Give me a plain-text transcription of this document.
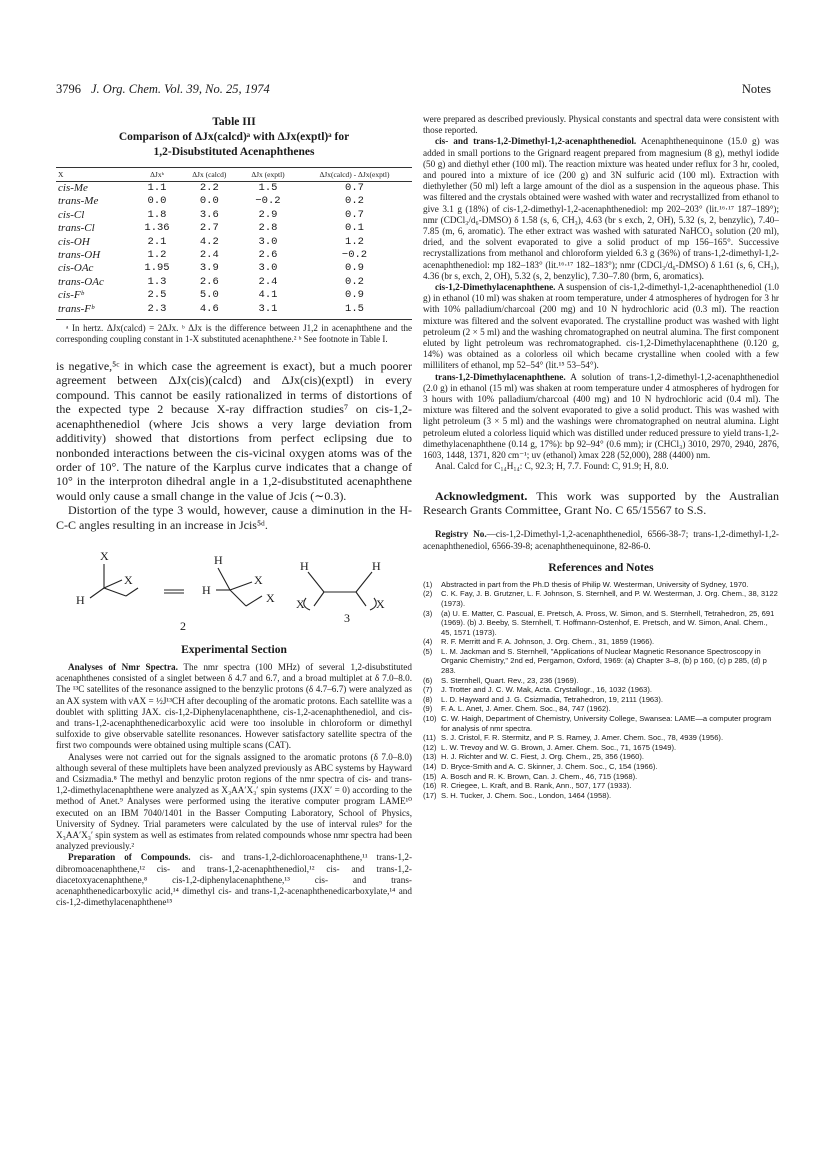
3796 J. Org. Chem. Vol. 39, No. 25, 1974	Notes
Table III
Comparison of ΔJx(calcd)ᵃ with ΔJx(exptl)ᵃ for
1,2-Disubstituted Acenaphthenes
X	ΔJxᵇ	ΔJx (calcd)	ΔJx (exptl)	ΔJx(calcd) - ΔJx(exptl)
cis-Me	1.1	2.2	1.5	0.7
trans-Me	0.0	0.0	−0.2	0.2
cis-Cl	1.8	3.6	2.9	0.7
trans-Cl	1.36	2.7	2.8	0.1
cis-OH	2.1	4.2	3.0	1.2
trans-OH	1.2	2.4	2.6	−0.2
cis-OAc	1.95	3.9	3.0	0.9
trans-OAc	1.3	2.6	2.4	0.2
cis-Fᵇ	2.5	5.0	4.1	0.9
trans-Fᵇ	2.3	4.6	3.1	1.5
ᵃ In hertz. ΔJx(calcd) = 2ΔJx. ᵇ ΔJx is the difference between J1,2 in acenaphthene and the corresponding coupling constant in 1-X substituted acenaphthene.² ᵇ See footnote in Table I.

is negative,⁵ᶜ in which case the agreement is exact), but a much poorer agreement between ΔJx(cis)(calcd) and ΔJx(cis)(exptl) in every compound. This cannot be easily rationalized in terms of distortions of the expected type 2 because X-ray diffraction studies⁷ on cis-1,2-acenaphthenediol (where Jcis shows a very large deviation from additivity) showed that distortions from perfect eclipsing due to nonbonded interactions between the cis-vicinal oxygen atoms was of the order of 10°. The nature of the Karplus curve indicates that a change of 10° in the interproton dihedral angle in a 1,2-disubstituted acenaphthene would only cause a small change in the value of Jcis (∼0.3).

Distortion of the type 3 would, however, cause a diminution in the H-C-C angles resulting in an increase in Jcis⁵ᵈ.

X
H
X
H
H
X
X
H	H
X	X
2
3
Experimental Section

Analyses of Nmr Spectra. The nmr spectra (100 MHz) of several 1,2-disubstituted acenaphthenes consisted of a singlet between δ 4.7 and 6.7, and a broad multiplet at δ 7.0–8.0. The ¹³C satellites of the resonance assigned to the benzylic protons (δ 4.7–6.7) were analyzed as an AX system with νAX = ½J¹³CH after decoupling of the aromatic protons. Each satellite was a doublet with splitting JAX. cis-1,2-Diphenylacenaphthene, cis-1,2-acenaphthenediol, and cis- and trans-1,2-acenaphthenedicarboxylic acid were too insoluble in chloroform or dimethyl sulfoxide to give observable satellite resonances. However satisfactory satellite spectra of the first two compounds were obtained using multiple scans (CAT).

Analyses were not carried out for the signals assigned to the aromatic protons (δ 7.0–8.0) although several of these multiplets have been analyzed previously as ABC systems by Hayward and Csizmadia.⁸ The methyl and benzylic proton regions of the nmr spectra of cis- and trans-1,2-dimethylacenaphthene were analyzed as X₃AA′X₃′ spin systems (JXX′ = 0) according to the method of Anet.⁹ Analyses were performed using the iterative computer program LAME¹⁰ executed on an IBM 7040/1401 in the Basser Computing Laboratory, School of Physics, University of Sydney. Trial parameters were calculated by the use of interval rules⁹ for the X₃AA′X₃′ spin system as well as estimates from related compounds whose nmr spectra had been analyzed previously.²

Preparation of Compounds. cis- and trans-1,2-dichloroacenaphthene,¹¹ trans-1,2-dibromoacenaphthene,¹² cis- and trans-1,2-acenaphthenediol,¹² cis- and trans-1,2-diacetoxyacenaphthene,⁸ cis-1,2-diphenylacenaphthene,¹³ cis- and trans-acenaphthenedicarboxylic acid,¹⁴ dimethyl cis- and trans-1,2-acenaphthenedicarboxylate,¹⁴ and cis-1,2-dimethylacenaphthene¹⁵

were prepared as described previously. Physical constants and spectral data were consistent with those reported.

cis- and trans-1,2-Dimethyl-1,2-acenaphthenediol. Acenaphthenequinone (15.0 g) was added in small portions to the Grignard reagent prepared from magnesium (8 g), methyl iodide (50 g) and diethyl ether (100 ml). The reaction mixture was heated under reflux for 3 hr, cooled, and poured into a mixture of ice (200 g) and 3N sulfuric acid (100 ml). Extraction with diethylether (50 ml) left a large amount of the diol as a suspension in the aqueous phase. This was filtered and the crystals obtained were washed with water and recrystallized from ethanol to give 3.1 g (18%) of cis-1,2-dimethyl-1,2-acenaphthenediol: mp 202–203° (lit.¹⁶·¹⁷ 187–189°); nmr (CDCl₃/d₆-DMSO) δ 1.58 (s, 6, CH₃), 4.63 (br s exch, 2, OH), 5.32 (s, 2, benzylic), 7.40–7.85 (m, 6, aromatic). The ether extract was washed with saturated NaHCO₃ solution (20 ml), dried, and the solvent evaporated to give a solid product of mp 156–165°. Successive recrystallizations from methanol and chloroform yielded 6.3 g (36%) of trans-1,2-dimethyl-1,2-acenaphthenediol: mp 182–183° (lit.¹⁶·¹⁷ 182–183°); nmr (CDCl₃/d₆-DMSO) δ 1.61 (s, 6, CH₃), 4.36 (br s, exch, 2, OH), 5.32 (s, 2, benzylic), 7.30–7.80 (brm, 6, aromatics).

cis-1,2-Dimethylacenaphthene. A suspension of cis-1,2-dimethyl-1,2-acenaphthenediol (1.0 g) in ethanol (10 ml) was shaken at room temperature, under 4 atmospheres of hydrogen for 3 hr with 10% palladium/charcoal (200 mg) and 10 N hydrochloric acid (0.3 ml). The reaction mixture was filtered and the solvent evaporated. The crystalline product was washed with light petroleum (2 × 5 ml) and the washing chromatographed on neutral alumina. The first component eluted by light petroleum was rechromatographed. cis-1,2-Dimethylacenaphthene (0.120 g, 14%) was obtained as a colorless oil which became crystalline when cooled with a few milliliters of ethanol, mp 52–54° (lit.¹⁵ 53–54°).

trans-1,2-Dimethylacenaphthene. A solution of trans-1,2-dimethyl-1,2-acenaphthenediol (2.0 g) in ethanol (15 ml) was shaken at room temperature under 4 atmospheres of hydrogen for 3 hours with 10% palladium/charcoal (400 mg) and 10 N hydrochloric acid (0.4 ml). The mixture was filtered and the solvent evaporated to give a solid product. This was washed with light petroleum (3 × 5 ml) and the washings were chromatographed on neutral alumina. Light petroleum eluted a colorless liquid which was distilled under reduced pressure to yield trans-1,2-dimethylacenaphthene (0.14 g, 17%): bp 92–94° (0.6 mm); ir (CHCl₃) 3010, 2970, 2940, 2876, 1603, 1448, 1371, 820 cm⁻¹; uv (ethanol) λmax 228 (52,000), 288 (4400) nm.

Anal. Calcd for C₁₄H₁₄: C, 92.3; H, 7.7. Found: C, 91.9; H, 8.0.

Acknowledgment. This work was supported by the Australian Research Grants Committee, Grant No. C 65/15567 to S.S.

Registry No.—cis-1,2-Dimethyl-1,2-acenaphthenediol, 6566-38-7; trans-1,2-dimethyl-1,2-acenaphthenediol, 6566-39-8; acenaphthenequinone, 82-86-0.

References and Notes
(1) Abstracted in part from the Ph.D thesis of Philip W. Westerman, University of Sydney, 1970.
(2) C. K. Fay, J. B. Grutzner, L. F. Johnson, S. Sternhell, and P. W. Westerman, J. Org. Chem., 38, 3122 (1973).
(3) (a) U. E. Matter, C. Pascual, E. Pretsch, A. Pross, W. Simon, and S. Sternhell, Tetrahedron, 25, 691 (1969). (b) J. Beeby, S. Sternhell, T. Hoffmann-Ostenhof, E. Pretsch, and W. Simon, Anal. Chem., 45, 1571 (1973).
(4) R. F. Merritt and F. A. Johnson, J. Org. Chem., 31, 1859 (1966).
(5) L. M. Jackman and S. Sternhell, "Applications of Nuclear Magnetic Resonance Spectroscopy in Organic Chemistry," 2nd ed, Pergamon, Oxford, 1969: (a) Chapter 3–8, (b) p 160, (c) p 285, (d) p 283.
(6) S. Sternhell, Quart. Rev., 23, 236 (1969).
(7) J. Trotter and J. C. W. Mak, Acta. Crystallogr., 16, 1032 (1963).
(8) L. D. Hayward and J. G. Csizmadia, Tetrahedron, 19, 2111 (1963).
(9) F. A. L. Anet, J. Amer. Chem. Soc., 84, 747 (1962).
(10) C. W. Haigh, Department of Chemistry, University College, Swansea: LAME—a computer program for analysis of nmr spectra.
(11) S. J. Cristol, F. R. Stermitz, and P. S. Ramey, J. Amer. Chem. Soc., 78, 4939 (1956).
(12) L. W. Trevoy and W. G. Brown, J. Amer. Chem. Soc., 71, 1675 (1949).
(13) H. J. Richter and W. C. Fiest, J. Org. Chem., 25, 356 (1960).
(14) D. Bryce-Smith and A. C. Skinner, J. Chem. Soc., C, 154 (1966).
(15) A. Bosch and R. K. Brown, Can. J. Chem., 46, 715 (1968).
(16) R. Criegee, L. Kraft, and B. Rank, Ann., 507, 177 (1933).
(17) S. H. Tucker, J. Chem. Soc., London, 1464 (1958).
